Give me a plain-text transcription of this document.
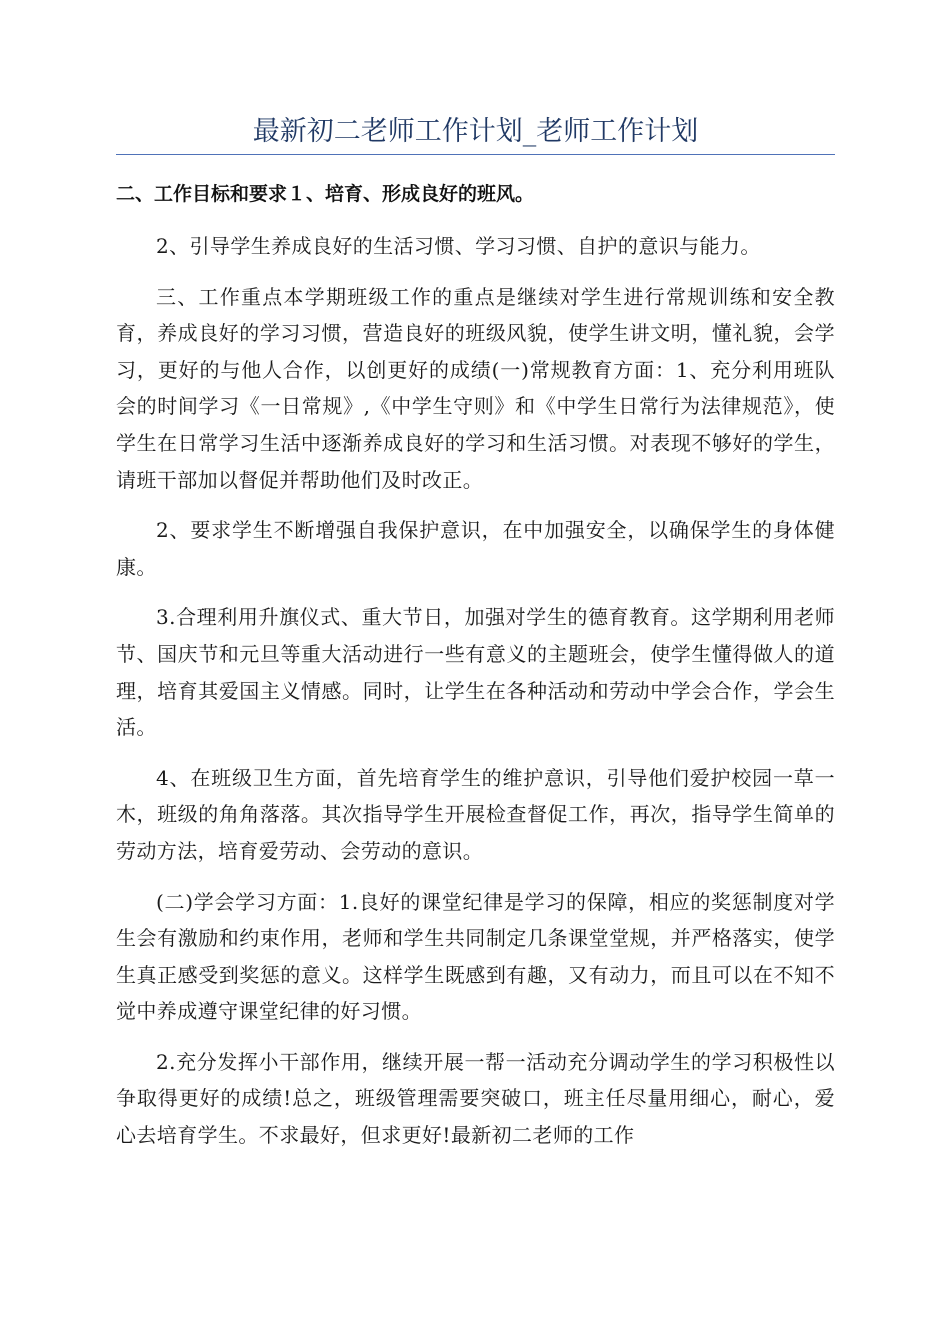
最新初二老师工作计划_老师工作计划

二、工作目标和要求１、培育、形成良好的班风。

2、引导学生养成良好的生活习惯、学习习惯、自护的意识与能力。

三、工作重点本学期班级工作的重点是继续对学生进行常规训练和安全教育，养成良好的学习习惯，营造良好的班级风貌，使学生讲文明，懂礼貌，会学习，更好的与他人合作，以创更好的成绩(一)常规教育方面：1、充分利用班队会的时间学习《一日常规》,《中学生守则》和《中学生日常行为法律规范》，使学生在日常学习生活中逐渐养成良好的学习和生活习惯。对表现不够好的学生，请班干部加以督促并帮助他们及时改正。

2、要求学生不断增强自我保护意识，在中加强安全，以确保学生的身体健康。

3.合理利用升旗仪式、重大节日，加强对学生的德育教育。这学期利用老师节、国庆节和元旦等重大活动进行一些有意义的主题班会，使学生懂得做人的道理，培育其爱国主义情感。同时，让学生在各种活动和劳动中学会合作，学会生活。

4、在班级卫生方面，首先培育学生的维护意识，引导他们爱护校园一草一木，班级的角角落落。其次指导学生开展检查督促工作，再次，指导学生简单的劳动方法，培育爱劳动、会劳动的意识。

(二)学会学习方面：1.良好的课堂纪律是学习的保障，相应的奖惩制度对学生会有激励和约束作用，老师和学生共同制定几条课堂堂规，并严格落实，使学生真正感受到奖惩的意义。这样学生既感到有趣，又有动力，而且可以在不知不觉中养成遵守课堂纪律的好习惯。

2.充分发挥小干部作用，继续开展一帮一活动充分调动学生的学习积极性以争取得更好的成绩!总之，班级管理需要突破口，班主任尽量用细心，耐心，爱心去培育学生。不求最好，但求更好!最新初二老师的工作
